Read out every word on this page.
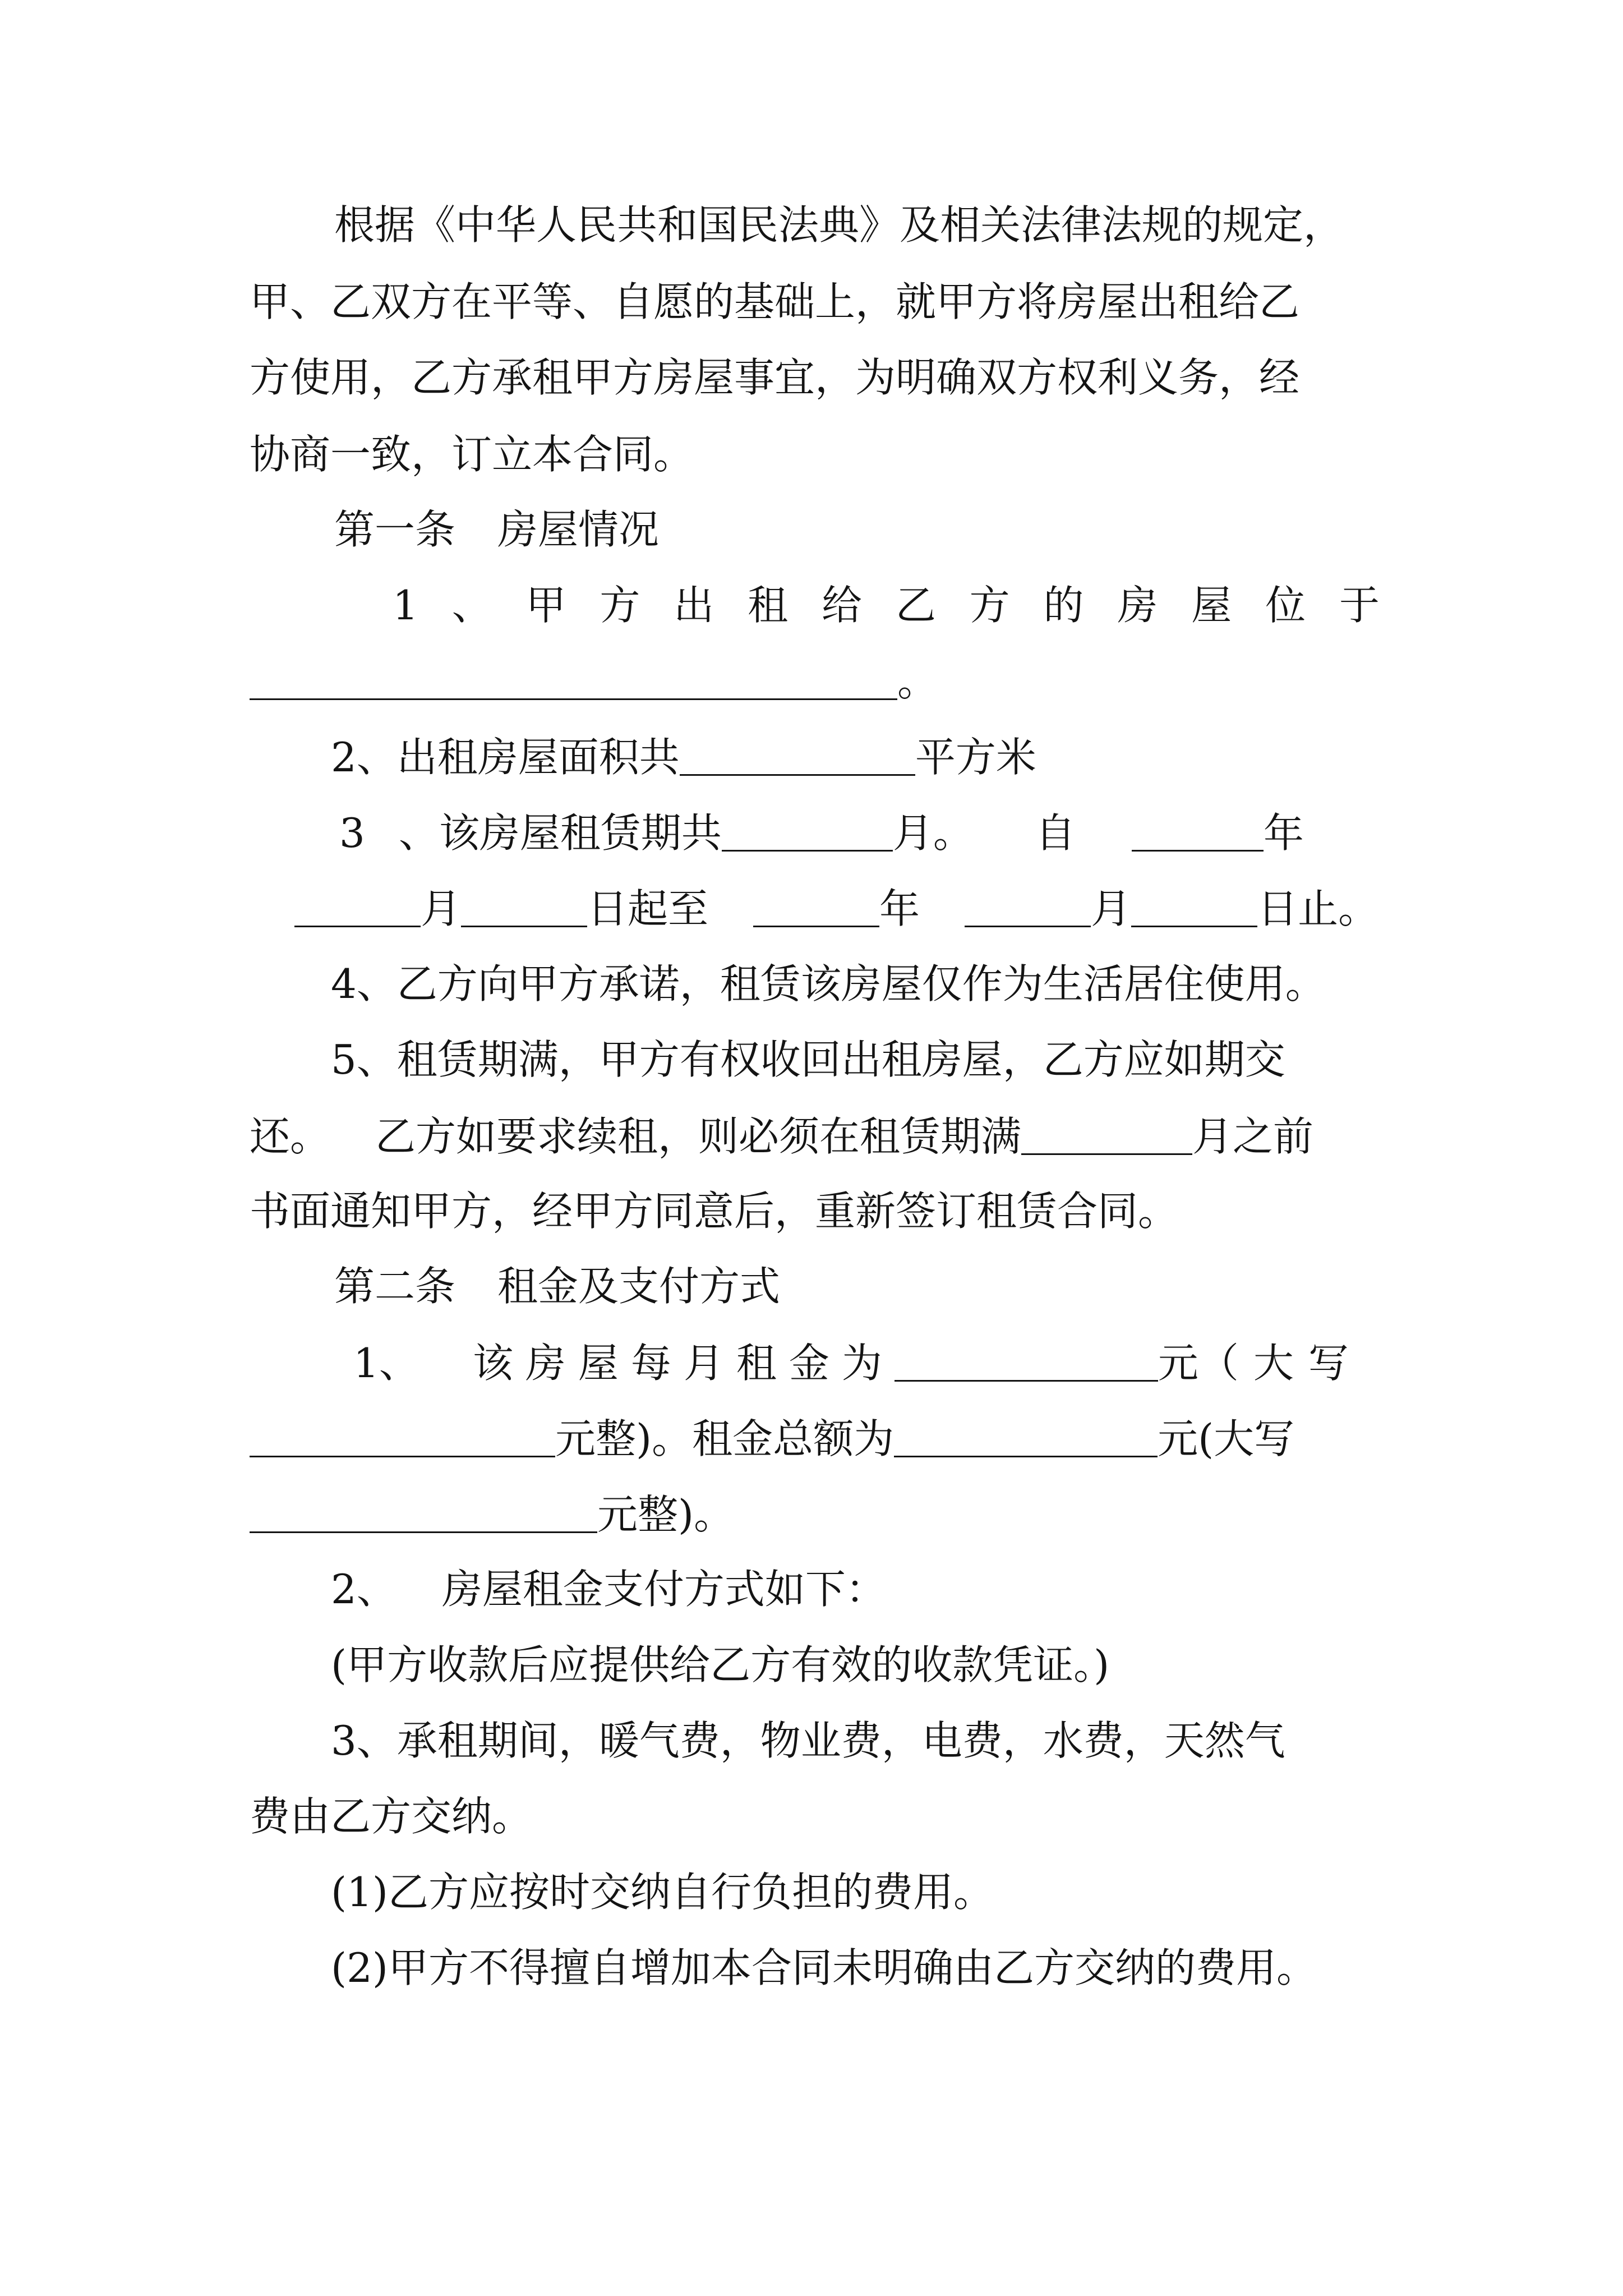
根据《中华人民共和国民法典》及相关法律法规的规定，
甲、乙双方在平等、自愿的基础上，就甲方将房屋出租给乙
方使用，乙方承租甲方房屋事宜，为明确双方权利义务，经
协商一致，订立本合同。
第一条 房屋情况
1 、 甲 方 出 租 给 乙 方 的 房 屋 位 于
。
2、出租房屋面积共	平方米
3 、该房屋租赁期共	月。 自	年
月	日起至	年	月	日止。
4、乙方向甲方承诺，租赁该房屋仅作为生活居住使用。
5、租赁期满，甲方有权收回出租房屋，乙方应如期交
还。 乙方如要求续租，则必须在租赁期满	月之前
书面通知甲方，经甲方同意后，重新签订租赁合同。
第二条 租金及支付方式
1、 该房屋每月租金为	元 （大写
元整)。租金总额为	元(大写
元整)。
2、 房屋租金支付方式如下：
(甲方收款后应提供给乙方有效的收款凭证。)
3、承租期间，暖气费，物业费，电费，水费，天然气
费由乙方交纳。
(1)乙方应按时交纳自行负担的费用。
(2)甲方不得擅自增加本合同未明确由乙方交纳的费用。
